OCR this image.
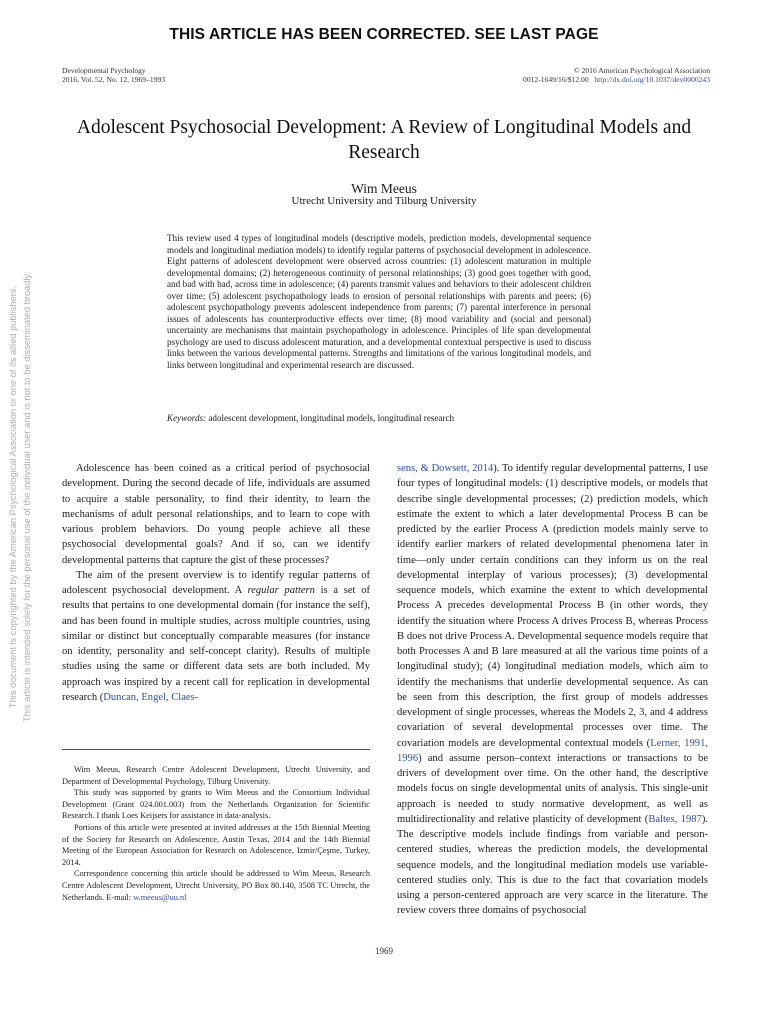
THIS ARTICLE HAS BEEN CORRECTED. SEE LAST PAGE
Developmental Psychology
2016, Vol. 52, No. 12, 1969–1993
© 2016 American Psychological Association
0012-1649/16/$12.00 http://dx.doi.org/10.1037/dev0000243
Adolescent Psychosocial Development: A Review of Longitudinal Models and Research
Wim Meeus
Utrecht University and Tilburg University
This review used 4 types of longitudinal models (descriptive models, prediction models, developmental sequence models and longitudinal mediation models) to identify regular patterns of psychosocial development in adolescence. Eight patterns of adolescent development were observed across countries: (1) adolescent maturation in multiple developmental domains; (2) heterogeneous continuity of personal relationships; (3) good goes together with good, and bad with bad, across time in adolescence; (4) parents transmit values and behaviors to their adolescent children over time; (5) adolescent psychopathology leads to erosion of personal relationships with parents and peers; (6) adolescent psychopathology prevents adolescent independence from parents; (7) parental interference in personal issues of adolescents has counterproductive effects over time; (8) mood variability and (social and personal) uncertainty are mechanisms that maintain psychopathology in adolescence. Principles of life span developmental psychology are used to discuss adolescent maturation, and a developmental contextual perspective is used to discuss links between the various developmental patterns. Strengths and limitations of the various longitudinal models, and links between longitudinal and experimental research are discussed.
Keywords: adolescent development, longitudinal models, longitudinal research

Adolescence has been coined as a critical period of psychosocial development. During the second decade of life, individuals are assumed to acquire a stable personality, to find their identity, to learn the mechanisms of adult personal relationships, and to learn to cope with various problem behaviors. Do young people achieve all these psychosocial developmental goals? And if so, can we identify developmental patterns that capture the gist of these processes?

The aim of the present overview is to identify regular patterns of adolescent psychosocial development. A regular pattern is a set of results that pertains to one developmental domain (for instance the self), and has been found in multiple studies, across multiple countries, using similar or distinct but conceptually comparable measures (for instance on identity, personality and self-concept clarity). Results of multiple studies using the same or different data sets are both included. My approach was inspired by a recent call for replication in developmental research (Duncan, Engel, Claes-

Wim Meeus, Research Centre Adolescent Development, Utrecht University, and Department of Developmental Psychology, Tilburg University.

This study was supported by grants to Wim Meeus and the Consortium Individual Development (Grant 024.001.003) from the Netherlands Organization for Scientific Research. I thank Loes Keijsers for assistance in data-analysis.

Portions of this article were presented at invited addresses at the 15th Biennial Meeting of the Society for Research on Adolescence, Austin Texas, 2014 and the 14th Biennial Meeting of the European Association for Research on Adolescence, Izmir/Çeşme, Turkey, 2014.

Correspondence concerning this article should be addressed to Wim Meeus, Research Centre Adolescent Development, Utrecht University, PO Box 80.140, 3508 TC Utrecht, the Netherlands. E-mail: w.meeus@uu.nl

sens, & Dowsett, 2014). To identify regular developmental patterns, I use four types of longitudinal models: (1) descriptive models, or models that describe single developmental processes; (2) prediction models, which estimate the extent to which a later developmental Process B can be predicted by the earlier Process A (prediction models mainly serve to identify earlier markers of related developmental phenomena later in time—only under certain conditions can they inform us on the real developmental interplay of various processes); (3) developmental sequence models, which examine the extent to which developmental Process A precedes developmental Process B (in other words, they identify the situation where Process A drives Process B, whereas Process B does not drive Process A. Developmental sequence models require that both Processes A and B lare measured at all the various time points of a longitudinal study); (4) longitudinal mediation models, which aim to identify the mechanisms that underlie developmental sequence. As can be seen from this description, the first group of models addresses development of single processes, whereas the Models 2, 3, and 4 address covariation of several developmental processes over time. The covariation models are developmental contextual models (Lerner, 1991, 1996) and assume person–context interactions or transactions to be drivers of development over time. On the other hand, the descriptive models focus on single developmental units of analysis. This single-unit approach is needed to study normative development, as well as multidirectionality and relative plasticity of development (Baltes, 1987). The descriptive models include findings from variable and person-centered studies, whereas the prediction models, the developmental sequence models, and the longitudinal mediation models use variable-centered studies only. This is due to the fact that covariation models using a person-centered approach are very scarce in the literature. The review covers three domains of psychosocial

1969
This document is copyrighted by the American Psychological Association or one of its allied publishers. This article is intended solely for the personal use of the individual user and is not to be disseminated broadly.
